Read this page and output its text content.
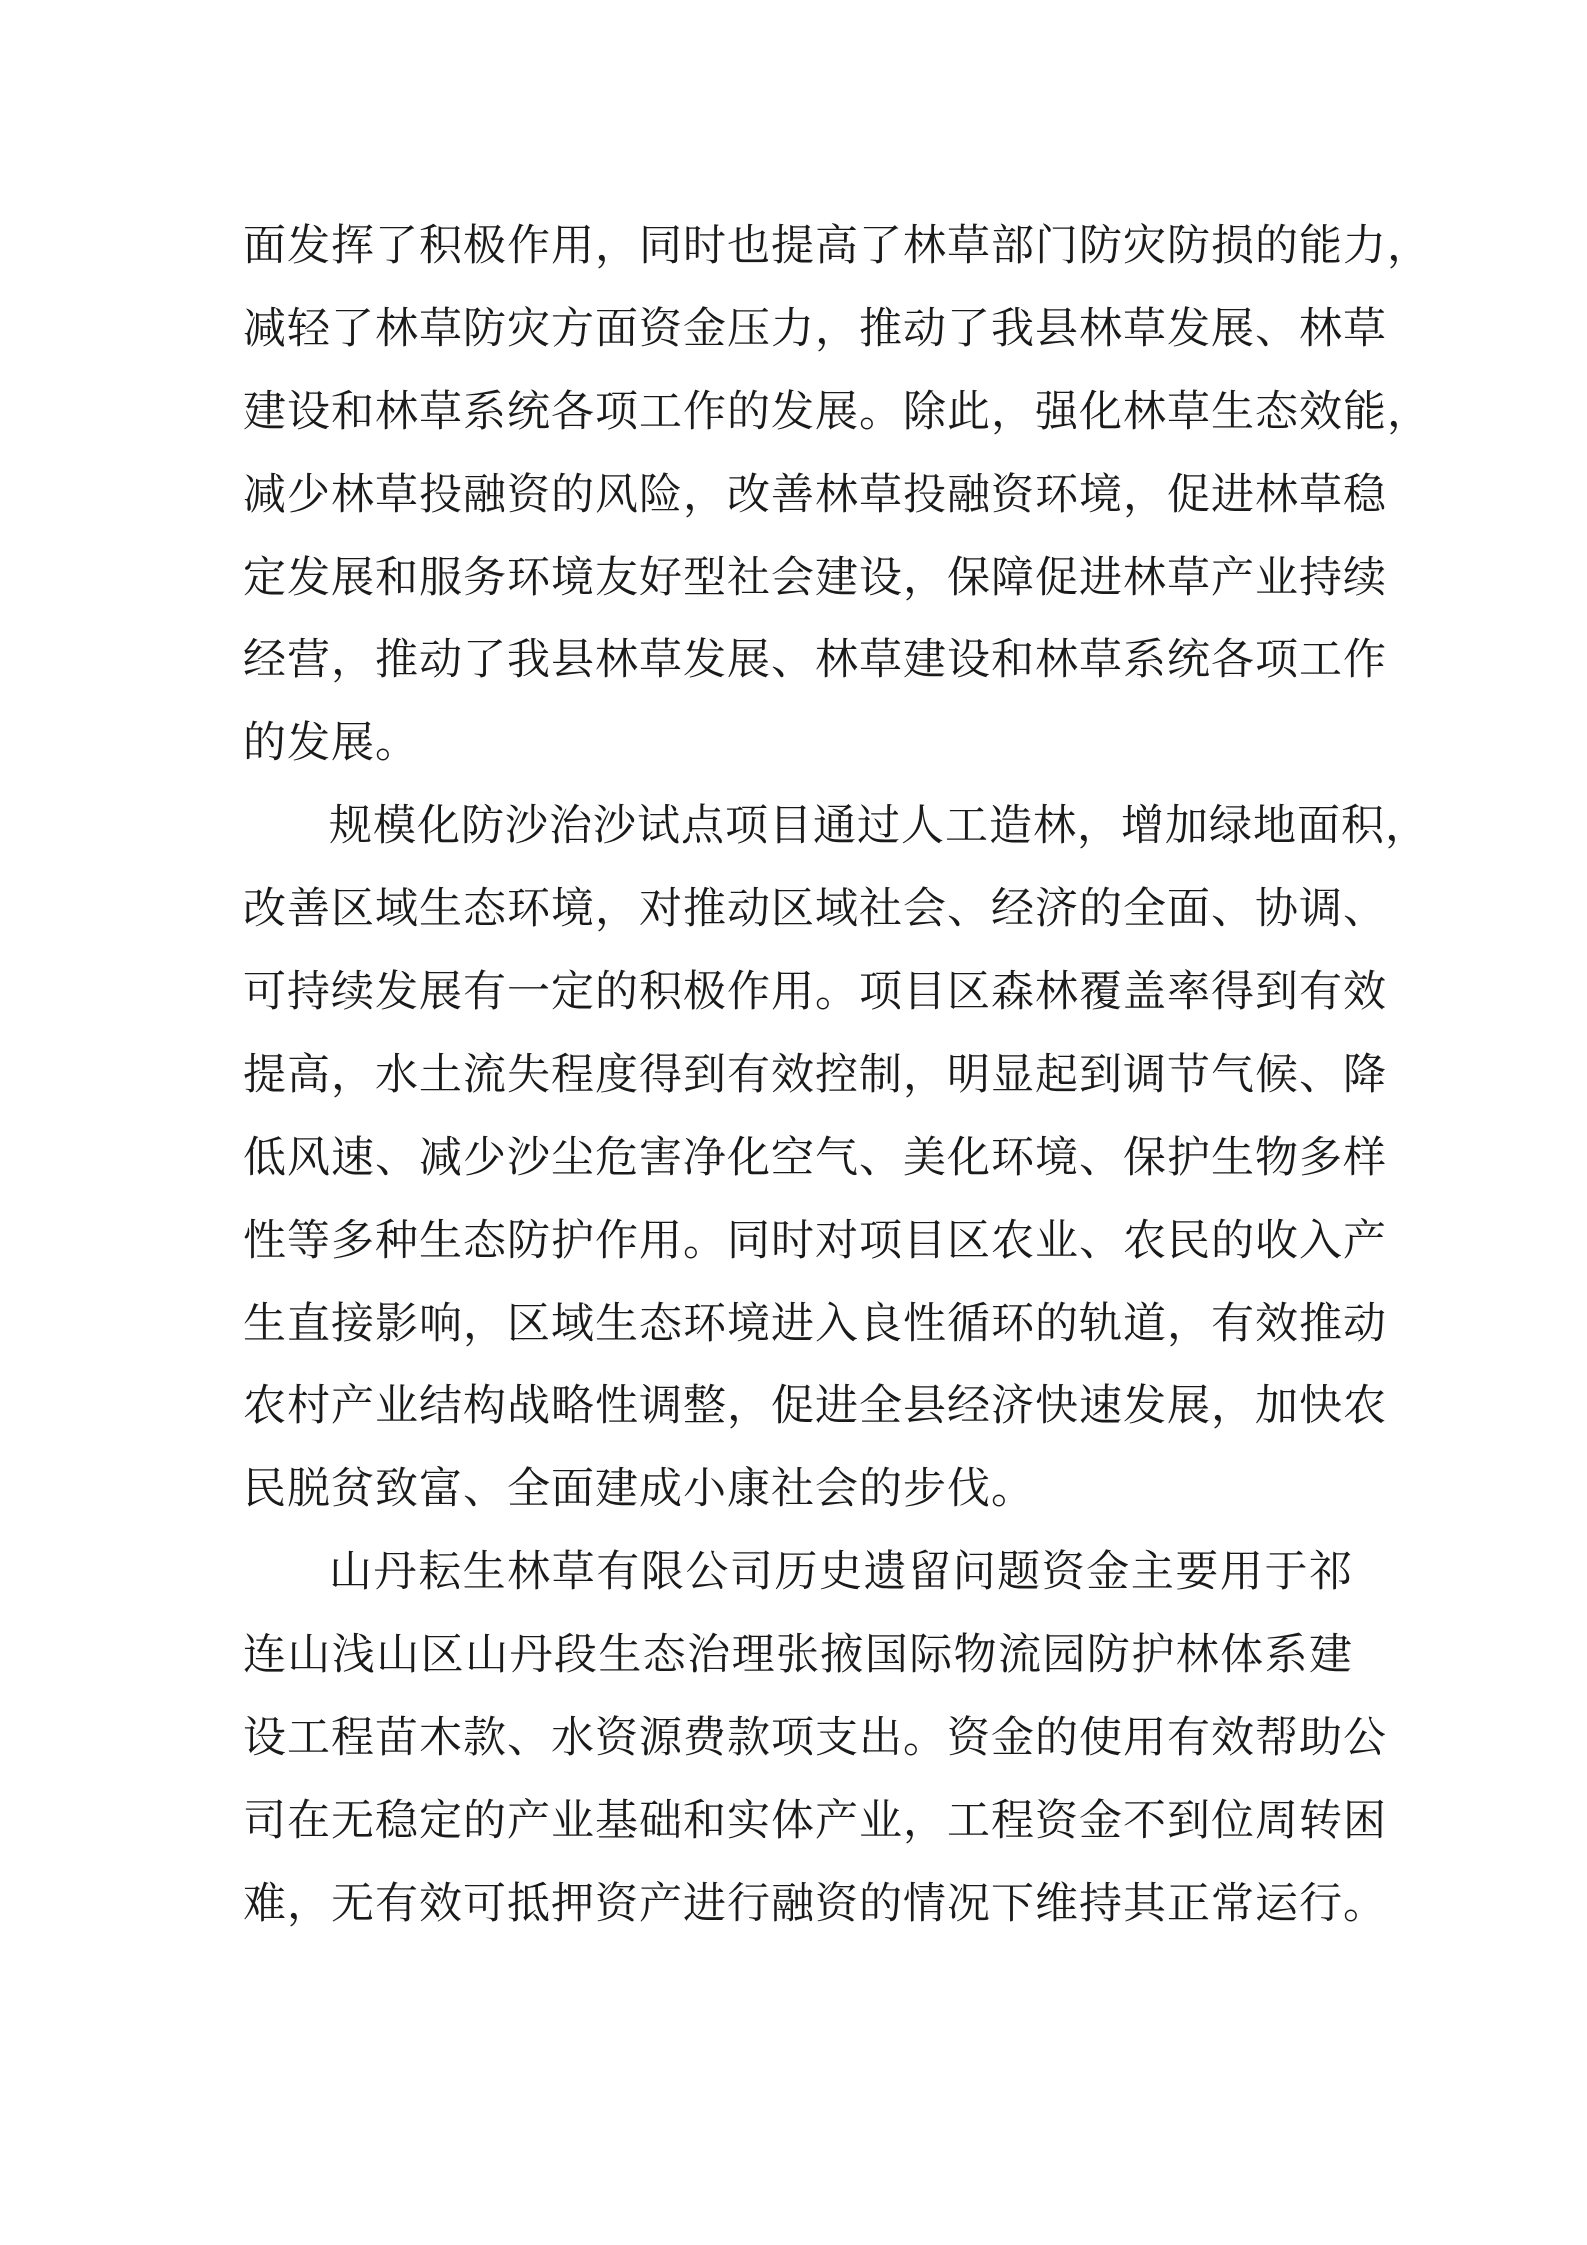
面发挥了积极作用，同时也提高了林草部门防灾防损的能力，
减轻了林草防灾方面资金压力，推动了我县林草发展、林草
建设和林草系统各项工作的发展。除此，强化林草生态效能，
减少林草投融资的风险，改善林草投融资环境，促进林草稳
定发展和服务环境友好型社会建设，保障促进林草产业持续
经营，推动了我县林草发展、林草建设和林草系统各项工作
的发展。
规模化防沙治沙试点项目通过人工造林，增加绿地面积，
改善区域生态环境，对推动区域社会、经济的全面、协调、
可持续发展有一定的积极作用。项目区森林覆盖率得到有效
提高，水土流失程度得到有效控制，明显起到调节气候、降
低风速、减少沙尘危害净化空气、美化环境、保护生物多样
性等多种生态防护作用。同时对项目区农业、农民的收入产
生直接影响，区域生态环境进入良性循环的轨道，有效推动
农村产业结构战略性调整，促进全县经济快速发展，加快农
民脱贫致富、全面建成小康社会的步伐。
山丹耘生林草有限公司历史遗留问题资金主要用于祁
连山浅山区山丹段生态治理张掖国际物流园防护林体系建
设工程苗木款、水资源费款项支出。资金的使用有效帮助公
司在无稳定的产业基础和实体产业，工程资金不到位周转困
难，无有效可抵押资产进行融资的情况下维持其正常运行。
